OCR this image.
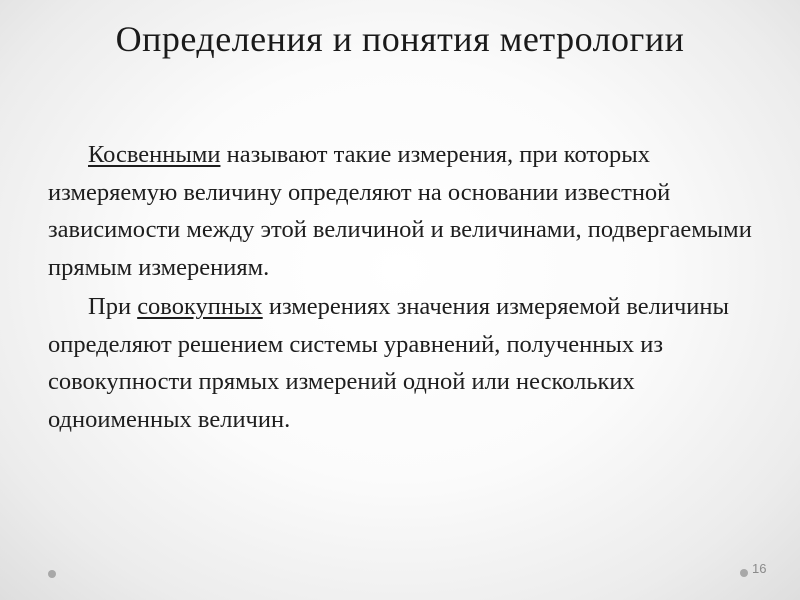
Определения и понятия метрологии

Косвенными называют такие измерения, при которых измеряемую величину определяют на основании известной зависимости между этой величиной и величинами, подвергаемыми прямым измерениям.

При совокупных измерениях значения измеряемой величины определяют решением системы уравнений, полученных из совокупности прямых измерений одной или нескольких одноименных величин.

16
